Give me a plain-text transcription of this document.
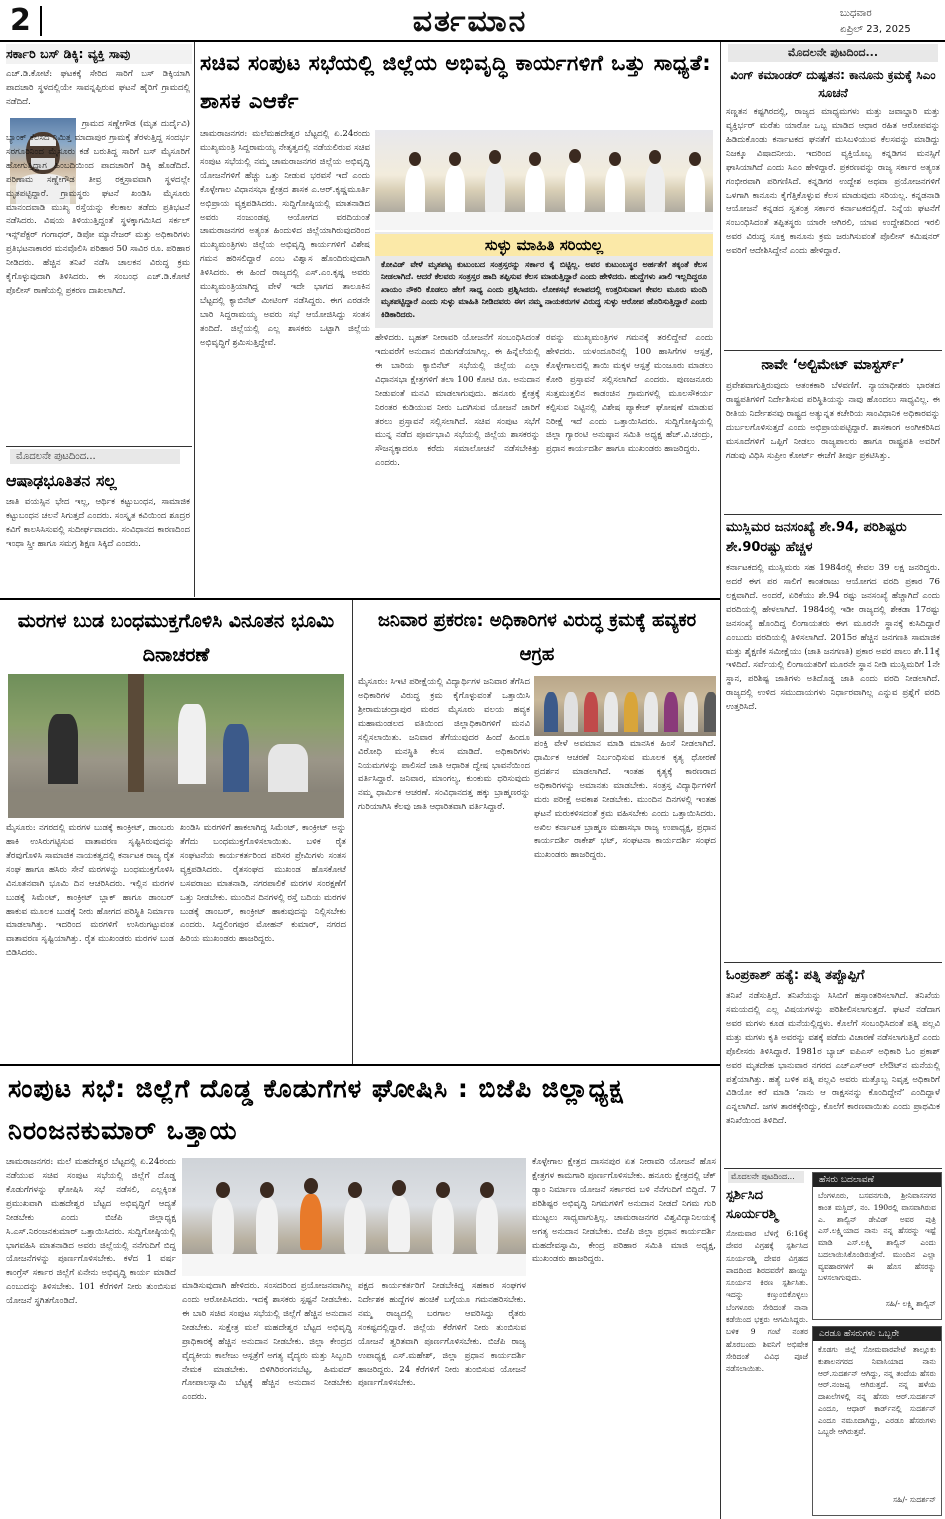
2	ವರ್ತಮಾನ	ಬುಧವಾರ
ಏಪ್ರಿಲ್ 23, 2025
ಸರ್ಕಾರಿ ಬಸ್ ಡಿಕ್ಕಿ: ವ್ಯಕ್ತಿ ಸಾವು
ಎಚ್.ಡಿ.ಕೋಟೆ: ಘಟಕಕ್ಕೆ ಸೇರಿದ ಸಾರಿಗೆ ಬಸ್ ಡಿಕ್ಕಿಯಾಗಿ ಪಾದಚಾರಿ ಸ್ಥಳದಲ್ಲಿಯೇ ಸಾವನ್ನಪ್ಪಿರುವ ಘಟನೆ ಹೈರಿಗೆ ಗ್ರಾಮದಲ್ಲಿ ನಡೆದಿದೆ.
ಗ್ರಾಮದ ಸಣ್ಣೇಗೌಡ (ಮೃತ ದುರ್ದೈವಿ) ಬ್ಯಾಂಕ್ ಕೆಲಸದ ನಿಮಿತ್ತ ಮಾದಾಪುರ ಗ್ರಾಮಕ್ಕೆ ತೆರಳುತ್ತಿದ್ದ ಸಂದರ್ಭ ಸರಗೂರಿನಿಂದ ಮೈಸೂರು ಕಡೆ ಬರುತಿದ್ದ ಸಾರಿಗೆ ಬಸ್ ಮೈಸೂರಿಗೆ ಹೋಗುತ್ತಿದ್ದಾಗ ಹಿಂಬದಿಯಿಂದ ಪಾದಚಾರಿಗೆ ಡಿಕ್ಕಿ ಹೊಡೆದಿದೆ. ಪರಿಣಾಮ ಸಣ್ಣೇಗೌಡ ತೀವ್ರ ರಕ್ತಸ್ರಾವವಾಗಿ ಸ್ಥಳದಲ್ಲೇ ಮೃತಪಟ್ಟಿದ್ದಾರೆ. ಗ್ರಾಮಸ್ಥರು ಘಟನೆ ಖಂಡಿಸಿ ಮೈಸೂರು ಮಾನಂದವಾಡಿ ಮುಖ್ಯ ರಸ್ತೆಯನ್ನು ಕೆಲಕಾಲ ತಡೆದು ಪ್ರತಿಭಟನೆ ನಡೆಸಿದರು. ವಿಷಯ ತಿಳಿಯುತ್ತಿದ್ದಂತೆ ಸ್ಥಳಕ್ಕಾಗಮಿಸಿದ ಸರ್ಕಲ್ ಇನ್ಸ್‌ಪೆಕ್ಟರ್ ಗಂಗಾಧರ್, ಡಿಪೋ ಮ್ಯಾನೇಜರ್ ಮತ್ತು ಅಧಿಕಾರಿಗಳು ಪ್ರತಿಭಟನಾಕಾರರ ಮನವೊಲಿಸಿ ಪರಿಹಾರ 50 ಸಾವಿರ ರೂ. ಪರಿಹಾರ ನೀಡಿದರು. ಹೆಚ್ಚಿನ ತನಿಖೆ ನಡೆಸಿ ಚಾಲಕನ ವಿರುದ್ಧ ಕ್ರಮ ಕೈಗೊಳ್ಳುವುದಾಗಿ ತಿಳಿಸಿದರು. ಈ ಸಂಬಂಧ ಎಚ್.ಡಿ.ಕೋಟೆ ಪೊಲೀಸ್ ಠಾಣೆಯಲ್ಲಿ ಪ್ರಕರಣ ದಾಖಲಾಗಿದೆ.
ಮೊದಲನೇ ಪುಟದಿಂದ...
ಆಷಾಢಭೂತಿತನ ಸಲ್ಲ
ಜಾತಿ ವಯಸ್ಸಿನ ಭೇದ ಇಲ್ಲ, ಆರ್ಥಿಕ ಕಟ್ಟುಬಂಧನ, ಸಾಮಾಜಿಕ ಕಟ್ಟುಬಂಧನ ಚಲನೆ ಸಿಗುತ್ತದೆ ಎಂದರು. ಸಂಸ್ಕೃತ ಕವಿಯಿಂದ ಶೂದ್ರರ ಕವಿಗೆ ಕಾಲಸಿಸಿಸುವಲ್ಲಿ ಸುದೀರ್ಘವಾದರು. ಸಂವಿಧಾನದ ಕಾರಣದಿಂದ ಇಂಥಾ ಸ್ತ್ರೀ ಹಾಗೂ ಸಮಗ್ರ ಶಿಕ್ಷಣ ಸಿಕ್ಕಿದೆ ಎಂದರು.
ಸಚಿವ ಸಂಪುಟ ಸಭೆಯಲ್ಲಿ ಜಿಲ್ಲೆಯ ಅಭಿವೃದ್ಧಿ ಕಾರ್ಯಗಳಿಗೆ ಒತ್ತು ಸಾಧ್ಯತೆ: ಶಾಸಕ ಎಆರ್ಕೆ
ಚಾಮರಾಜನಗರ: ಮಲೆಮಹದೇಶ್ವರ ಬೆಟ್ಟದಲ್ಲಿ ಏ.24ರಂದು ಮುಖ್ಯಮಂತ್ರಿ ಸಿದ್ದರಾಮಯ್ಯ ನೇತೃತ್ವದಲ್ಲಿ ನಡೆಯಲಿರುವ ಸಚಿವ ಸಂಪುಟ ಸಭೆಯಲ್ಲಿ ನಮ್ಮ ಚಾಮರಾಜನಗರ ಜಿಲ್ಲೆಯ ಅಭಿವೃದ್ಧಿ ಯೋಜನೆಗಳಿಗೆ ಹೆಚ್ಚು ಒತ್ತು ನೀಡುವ ಭರವಸೆ ಇದೆ ಎಂದು ಕೊಳ್ಳೇಗಾಲ ವಿಧಾನಸಭಾ ಕ್ಷೇತ್ರದ ಶಾಸಕ ಎ.ಆರ್.ಕೃಷ್ಣಮೂರ್ತಿ ಅಭಿಪ್ರಾಯ ವ್ಯಕ್ತಪಡಿಸಿದರು. ಸುದ್ದಿಗೋಷ್ಠಿಯಲ್ಲಿ ಮಾತನಾಡಿದ ಅವರು ನಂಜುಂಡಪ್ಪ ಆಯೋಗದ ವರದಿಯಂತೆ ಚಾಮರಾಜನಗರ ಅತ್ಯಂತ ಹಿಂದುಳಿದ ಜಿಲ್ಲೆಯಾಗಿರುವುದರಿಂದ ಮುಖ್ಯಮಂತ್ರಿಗಳು ಜಿಲ್ಲೆಯ ಅಭಿವೃದ್ಧಿ ಕಾರ್ಯಗಳಿಗೆ ವಿಶೇಷ ಗಮನ ಹರಿಸಲಿದ್ದಾರೆ ಎಂಬ ವಿಶ್ವಾಸ ಹೊಂದಿರುವುದಾಗಿ ತಿಳಿಸಿದರು. ಈ ಹಿಂದೆ ರಾಜ್ಯದಲ್ಲಿ ಎಸ್.ಎಂ.ಕೃಷ್ಣ ಅವರು ಮುಖ್ಯಮಂತ್ರಿಯಾಗಿದ್ದ ವೇಳೆ ಇದೇ ಭಾಗದ ತಾಲೂಕಿನ ಬೆಟ್ಟದಲ್ಲಿ ಕ್ಯಾಬಿನೆಟ್ ಮೀಟಿಂಗ್ ನಡೆಸಿದ್ದರು. ಈಗ ಎರಡನೇ ಬಾರಿ ಸಿದ್ದರಾಮಯ್ಯ ಅವರು ಸಭೆ ಆಯೋಜಿಸಿದ್ದು ಸಂತಸ ತಂದಿದೆ. ಜಿಲ್ಲೆಯಲ್ಲಿ ಎಲ್ಲ ಶಾಸಕರು ಒಟ್ಟಾಗಿ ಜಿಲ್ಲೆಯ ಅಭಿವೃದ್ಧಿಗೆ ಶ್ರಮಿಸುತ್ತಿದ್ದೇವೆ.
ಸುಳ್ಳು ಮಾಹಿತಿ ಸರಿಯಲ್ಲ
ಕೋವಿಡ್ ವೇಳೆ ಮೃತಪಟ್ಟ ಕುಟುಂಬದ ಸಂತ್ರಸ್ತರನ್ನು ಸರ್ಕಾರ ಕೈ ಬಿಟ್ಟಿಲ್ಲ. ಅವರ ಕುಟುಂಬಸ್ಥರ ಅರ್ಹತೆಗೆ ತಕ್ಕಂತೆ ಕೆಲಸ ನೀಡಲಾಗಿದೆ. ಆದರೆ ಕೆಲವರು ಸಂತ್ರಸ್ತರ ಹಾದಿ ತಪ್ಪಿಸುವ ಕೆಲಸ ಮಾಡುತ್ತಿದ್ದಾರೆ ಎಂದು ಹೇಳಿದರು. ಹುದ್ದೆಗಳು ಖಾಲಿ ಇಲ್ಲದಿದ್ದರೂ ಖಾಯಂ ನೌಕರಿ ಕೊಡಲು ಹೇಗೆ ಸಾಧ್ಯ ಎಂದು ಪ್ರಶ್ನಿಸಿದರು. ಲೋಕಸಭೆ ಕಲಾಪದಲ್ಲಿ ಉತ್ತರಿಸುವಾಗ ಕೇವಲ ಮೂರು ಮಂದಿ ಮೃತಪಟ್ಟಿದ್ದಾರೆ ಎಂದು ಸುಳ್ಳು ಮಾಹಿತಿ ನೀಡಿದವರು ಈಗ ನಮ್ಮ ನಾಯಕರುಗಳ ವಿರುದ್ಧ ಸುಳ್ಳು ಆರೋಪ ಹೊರಿಸುತ್ತಿದ್ದಾರೆ ಎಂದು ಕಿಡಿಕಾರಿದರು.
ಹೇಳಿದರು. ಬೃಹತ್ ನೀರಾವರಿ ಯೋಜನೆಗೆ ಸಂಬಂಧಿಸಿದಂತೆ ಇದುವರೆಗೆ ಅನುದಾನ ಬಿಡುಗಡೆಯಾಗಿಲ್ಲ. ಈ ಹಿನ್ನೆಲೆಯಲ್ಲಿ ಈ ಬಾರಿಯ ಕ್ಯಾಬಿನೆಟ್ ಸಭೆಯಲ್ಲಿ ಜಿಲ್ಲೆಯ ಎಲ್ಲಾ ವಿಧಾನಸಭಾ ಕ್ಷೇತ್ರಗಳಿಗೆ ತಲಾ 100 ಕೋಟಿ ರೂ. ಅನುದಾನ ನೀಡುವಂತೆ ಮನವಿ ಮಾಡಲಾಗುವುದು. ಹನೂರು ಕ್ಷೇತ್ರಕ್ಕೆ ನಿರಂತರ ಕುಡಿಯುವ ನೀರು ಒದಗಿಸುವ ಯೋಜನೆ ಜಾರಿಗೆ ತರಲು ಪ್ರಸ್ತಾವನೆ ಸಲ್ಲಿಸಲಾಗಿದೆ. ಸಚಿವ ಸಂಪುಟ ಸಭೆಗೆ ಮುನ್ನ ನಡೆದ ಪೂರ್ವಭಾವಿ ಸಭೆಯಲ್ಲಿ ಜಿಲ್ಲೆಯ ಶಾಸಕರನ್ನು ಸೌಜನ್ಯಕ್ಕಾದರೂ ಕರೆದು ಸಮಾಲೋಚನೆ ನಡೆಸಬೇಕಿತ್ತು ಎಂದರು.
ರವನ್ನು ಮುಖ್ಯಮಂತ್ರಿಗಳ ಗಮನಕ್ಕೆ ತರಲಿದ್ದೇವೆ ಎಂದು ಹೇಳಿದರು. ಯಳಂದೂರಿನಲ್ಲಿ 100 ಹಾಸಿಗೆಗಳ ಆಸ್ಪತ್ರೆ, ಕೊಳ್ಳೇಗಾಲದಲ್ಲಿ ತಾಯಿ ಮಕ್ಕಳ ಆಸ್ಪತ್ರೆ ಮಂಜೂರು ಮಾಡಲು ಕೋರಿ ಪ್ರಸ್ತಾವನೆ ಸಲ್ಲಿಸಲಾಗಿದೆ ಎಂದರು. ಪುಣಜನೂರು ಸುತ್ತಮುತ್ತಲಿನ ಕಾಡಂಚಿನ ಗ್ರಾಮಗಳಲ್ಲಿ ಮೂಲಸೌಕರ್ಯ ಕಲ್ಪಿಸುವ ನಿಟ್ಟಿನಲ್ಲಿ ವಿಶೇಷ ಪ್ಯಾಕೇಜ್ ಘೋಷಣೆ ಮಾಡುವ ನಿರೀಕ್ಷೆ ಇದೆ ಎಂದು ಒತ್ತಾಯಿಸಿದರು. ಸುದ್ದಿಗೋಷ್ಠಿಯಲ್ಲಿ ಜಿಲ್ಲಾ ಗ್ಯಾರಂಟಿ ಅನುಷ್ಠಾನ ಸಮಿತಿ ಅಧ್ಯಕ್ಷ ಹೆಚ್.ವಿ.ಚಂದ್ರು, ಪ್ರಧಾನ ಕಾರ್ಯದರ್ಶಿ ಹಾಗೂ ಮುಖಂಡರು ಹಾಜರಿದ್ದರು.
ಮೊದಲನೇ ಪುಟದಿಂದ...
ವಿಂಗ್ ಕಮಾಂಡರ್ ದುಷ್ಪತನ: ಕಾನೂನು ಕ್ರಮಕ್ಕೆ ಸಿಎಂ ಸೂಚನೆ
ಸಣ್ಣತನ ಕಷ್ಟಗಿರದಲ್ಲಿ, ರಾಜ್ಯದ ಮಾಧ್ಯಮಗಳು ಮತ್ತು ಜವಾಬ್ದಾರಿ ಮತ್ತು ವ್ಯಕ್ತಿರ್ಭರ್ ಮರೆತು ಯಾರೋ ಒಬ್ಬ ಮಾಡಿದ ಆಧಾರ ರಹಿತ ಆರೋಪವನ್ನು ಹಿಡಿದುಕೊಂಡು ಕರ್ನಾಟಕದ ಘನತೆಗೆ ಮಸಿಬಳಿಯುವ ಕೆಲಸವನ್ನು ಮಾಡಿದ್ದು ನಿಜಕ್ಕೂ ವಿಷಾದನೀಯ. ಇದರಿಂದ ವ್ಯಕ್ತಿಯೊಬ್ಬ ಕನ್ನಡಿಗನ ಮನಸ್ಸಿಗೆ ಘಾಸಿಯಾಗಿದೆ ಎಂದು ಸಿಎಂ ಹೇಳಿದ್ದಾರೆ. ಪ್ರಕರಣವನ್ನು ರಾಜ್ಯ ಸರ್ಕಾರ ಅತ್ಯಂತ ಗಂಭೀರವಾಗಿ ಪರಿಗಣಿಸಿದೆ. ಕನ್ನಡಿಗರ ಉದ್ದೇಶ ಅಥವಾ ಪ್ರಯೋಜನಗಳಿಗೆ ಒಳಗಾಗಿ ಕಾನೂನು ಕೈಗೆತ್ತಿಕೊಳ್ಳುವ ಕೆಲಸ ಮಾಡುವುದು ಸರಿಯಲ್ಲ. ಕನ್ನಡನಾಡಿ ಆಯೋಜನೆ ಕನ್ನಡದ ಸ್ವತಂತ್ರ ಸರ್ಕಾರ ಕರ್ನಾಟಕದಲ್ಲಿದೆ. ನಿನ್ನೆಯ ಘಟನೆಗೆ ಸಂಬಂಧಿಸಿದಂತೆ ತಪ್ಪಿತಸ್ಥರು ಯಾರೇ ಆಗಿರಲಿ, ಯಾವ ಉದ್ದೇಶದಿಂದ ಇರಲಿ ಅವರ ವಿರುದ್ಧ ಸೂಕ್ತ ಕಾನೂನು ಕ್ರಮ ಜರುಗಿಸುವಂತೆ ಪೊಲೀಸ್ ಕಮಿಷನರ್ ಅವರಿಗೆ ಆದೇಶಿಸಿದ್ದೇನೆ ಎಂದು ಹೇಳಿದ್ದಾರೆ.
ನಾವೇ ‘ಅಲ್ಟಿಮೇಟ್ ಮಾಸ್ಟರ್ಸ್’
ಪ್ರವೇಶವಾಗುತ್ತಿರುವುದು ಆತಂಕಕಾರಿ ಬೆಳವಣಿಗೆ. ನ್ಯಾಯಾಧೀಶರು ಭಾರತದ ರಾಷ್ಟ್ರಪತಿಗಳಿಗೆ ನಿರ್ದೇಶಿಸುವ ಪರಿಸ್ಥಿತಿಯನ್ನು ನಾವು ಹೊಂದಲು ಸಾಧ್ಯವಿಲ್ಲ. ಈ ರೀತಿಯ ನಿರ್ದೇಶನವು ರಾಷ್ಟ್ರದ ಅತ್ಯುನ್ನತ ಕಚೇರಿಯ ಸಾಂವಿಧಾನಿಕ ಅಧಿಕಾರವನ್ನು ದುರ್ಬಲಗೊಳಿಸುತ್ತದೆ ಎಂದು ಅಭಿಪ್ರಾಯಪಟ್ಟಿದ್ದಾರೆ. ಶಾಸಕಾಂಗ ಅಂಗೀಕರಿಸಿದ ಮಸೂದೆಗಳಿಗೆ ಒಪ್ಪಿಗೆ ನೀಡಲು ರಾಜ್ಯಪಾಲರು ಹಾಗೂ ರಾಷ್ಟ್ರಪತಿ ಅವರಿಗೆ ಗಡುವು ವಿಧಿಸಿ ಸುಪ್ರೀಂ ಕೋರ್ಟ್ ಈಚೆಗೆ ತೀರ್ಪು ಪ್ರಕಟಿಸಿತ್ತು.
ಮುಸ್ಲಿಮರ ಜನಸಂಖ್ಯೆ ಶೇ.94, ಪರಿಶಿಷ್ಟರು ಶೇ.90ರಷ್ಟು ಹೆಚ್ಚಳ
ಕರ್ನಾಟಕದಲ್ಲಿ ಮುಸ್ಲಿಮರು ಸಹ 1984ರಲ್ಲಿ ಕೇವಲ 39 ಲಕ್ಷ ಜನರಿದ್ದರು. ಅದರೆ ಈಗ ಪರ ಸಾಲಿಗೆ ಕಾಂತರಾಜು ಆಯೋಗದ ವರದಿ ಪ್ರಕಾರ 76 ಲಕ್ಷವಾಗಿದೆ. ಅಂದರೆ, ಏರಿಕೆಯು ಶೇ.94 ರಷ್ಟು ಜನಸಂಖ್ಯೆ ಹೆಚ್ಚಾಗಿದೆ ಎಂದು ವರದಿಯಲ್ಲಿ ಹೇಳಲಾಗಿದೆ. 1984ರಲ್ಲಿ ಇಡೀ ರಾಜ್ಯದಲ್ಲಿ ಶೇಕಡಾ 17ರಷ್ಟು ಜನಸಂಖ್ಯೆ ಹೊಂದಿದ್ದ ಲಿಂಗಾಯತರು ಈಗ ಮೂರನೇ ಸ್ಥಾನಕ್ಕೆ ಕುಸಿದಿದ್ದಾರೆ ಎಂಬುದು ವರದಿಯಲ್ಲಿ ತಿಳಿಸಲಾಗಿದೆ. 2015ರ ಹೆಚ್ಚಿನ ಜನಗಣತಿ ಸಾಮಾಜಿಕ ಮತ್ತು ಶೈಕ್ಷಣಿಕ ಸಮೀಕ್ಷೆಯು (ಜಾತಿ ಜನಗಣತಿ) ಪ್ರಕಾರ ಅವರ ಪಾಲು ಶೇ.11ಕ್ಕೆ ಇಳಿದಿದೆ. ಸರ್ವೆಯಲ್ಲಿ ಲಿಂಗಾಯತರಿಗೆ ಮೂರನೇ ಸ್ಥಾನ ನೀಡಿ ಮುಸ್ಲಿಮರಿಗೆ 1ನೇ ಸ್ಥಾನ, ಪರಿಶಿಷ್ಟ ಜಾತಿಗಳು ಅತಿದೊಡ್ಡ ಜಾತಿ ಎಂದು ವರದಿ ನೀಡಲಾಗಿದೆ. ರಾಜ್ಯದಲ್ಲಿ ಉಳಿದ ಸಮುದಾಯಗಳು ನಿರ್ಧಾರವಾಗಿಲ್ಲ ಎನ್ನುವ ಪ್ರಶ್ನೆಗೆ ವರದಿ ಉತ್ತರಿಸಿದೆ.
ಓಂಪ್ರಕಾಶ್ ಹತ್ಯೆ: ಪತ್ನಿ ತಪ್ಪೊಪ್ಪಿಗೆ
ತನಿಖೆ ನಡೆಸುತ್ತಿದೆ. ತನಿಖೆಯನ್ನು ಸಿಸಿಬಿಗೆ ಹಸ್ತಾಂತರಿಸಲಾಗಿದೆ. ತನಿಖೆಯ ಸಮಯದಲ್ಲಿ ಎಲ್ಲ ವಿಷಯಗಳನ್ನು ಪರಿಶೀಲಿಸಲಾಗುತ್ತದೆ. ಘಟನೆ ನಡೆದಾಗ ಅವರ ಮಗಳು ಕೂಡ ಮನೆಯಲ್ಲಿದ್ದಳು. ಕೊಲೆಗೆ ಸಂಬಂಧಿಸಿದಂತೆ ಪತ್ನಿ ಪಲ್ಲವಿ ಮತ್ತು ಮಗಳು ಕೃತಿ ಅವರನ್ನು ವಶಕ್ಕೆ ಪಡೆದು ವಿಚಾರಣೆ ನಡೆಸಲಾಗುತ್ತಿದೆ ಎಂದು ಪೊಲೀಸರು ತಿಳಿಸಿದ್ದಾರೆ. 1981ರ ಬ್ಯಾಚ್ ಐಪಿಎಸ್ ಅಧಿಕಾರಿ ಓಂ ಪ್ರಕಾಶ್ ಅವರ ಮೃತದೇಹ ಭಾನುವಾರ ನಗರದ ಎಚ್‌ಎಸ್‌ಆರ್ ಲೇಔಟ್‌ನ ಮನೆಯಲ್ಲಿ ಪತ್ತೆಯಾಗಿತ್ತು. ಹತ್ಯೆ ಬಳಿಕ ಪತ್ನಿ ಪಲ್ಲವಿ ಅವರು ಮತ್ತೊಬ್ಬ ನಿವೃತ್ತ ಅಧಿಕಾರಿಗೆ ವಿಡಿಯೋ ಕರೆ ಮಾಡಿ ‘ನಾನು ಆ ರಾಕ್ಷಸನನ್ನು ಕೊಂದಿದ್ದೇನೆ’ ಎಂದಿದ್ದಾಳೆ ಎನ್ನಲಾಗಿದೆ. ಜಗಳ ತಾರಕಕ್ಕೇರಿದ್ದು, ಕೊಲೆಗೆ ಕಾರಣವಾಯಿತು ಎಂದು ಪ್ರಾಥಮಿಕ ತನಿಖೆಯಿಂದ ತಿಳಿದಿದೆ.
ಮೊದಲನೇ ಪುಟದಿಂದ...
ಸ್ಪರ್ಶಿಸಿದ ಸೂರ್ಯರಶ್ಮಿ
ಸೋಮವಾರ ಬೆಳಿಗ್ಗೆ 6:16ಕ್ಕೆ ದೇವರ ವಿಗ್ರಹಕ್ಕೆ ಸ್ಪರ್ಶಿಸಿದ ಸೂರ್ಯರಶ್ಮಿ ದೇವರ ವಿಗ್ರಹದ ಪಾದದಿಂದ ಶಿರದವರೆಗೆ ಹಾಯ್ದು ಸೂರ್ಯನ ಕಿರಣ ಸ್ಪರ್ಶಿಸಿತು. ಇದನ್ನು ಕಣ್ತುಂಬಿಕೊಳ್ಳಲು ಬೆಂಗಳೂರು ಸೇರಿದಂತೆ ನಾನಾ ಕಡೆಯಿಂದ ಭಕ್ತರು ಆಗಮಿಸಿದ್ದರು. ಬಳಿಕ 9 ಗಂಟೆ ನಂತರ ಹೊರಬಂದು ಶಿವನಿಗೆ ಅಭಿಷೇಕ ಸೇರಿದಂತೆ ವಿವಿಧ ಪೂಜೆ ನಡೆಸಲಾಯಿತು.
ಹೆಸರು ಬದಲಾವಣೆ
ಬೆಂಗಳೂರು, ಬಸವನಗುಡಿ, ಶ್ರೀನಿವಾಸನಗರ ಕಾಂತ ಮಸ್ಜಿದ್, ನಂ. 190ರಲ್ಲಿ ವಾಸವಾಗಿರುವ ಎ. ಶಾಲ್ವಿನ್ ಡೇವಿಡ್ ಅವರ ಪುತ್ರಿ ಎಸ್.ಲಕ್ಷ್ಮಿಯಾದ ನಾನು ನನ್ನ ಹೆಸರನ್ನು ಇಷ್ಟೆ ಮಾಡಿ ಎಸ್.ಲಕ್ಷ್ಮಿ ಶಾಲ್ವಿನ್ ಎಂದು ಬದಲಾಯಿಸಿಕೊಂಡಿರುತ್ತೇನೆ. ಮುಂದಿನ ಎಲ್ಲಾ ವ್ಯವಹಾರಗಳಿಗೆ ಈ ಹೊಸ ಹೆಸರನ್ನು ಬಳಸಲಾಗುವುದು.
ಸಹಿ/- ಲಕ್ಷ್ಮಿ ಶಾಲ್ವಿನ್
ಎರಡೂ ಹೆಸರುಗಳು ಒಬ್ಬರೇ
ಕೊಡಗು ಜಿಲ್ಲೆ ಸೋಮವಾರಪೇಟೆ ತಾಲ್ಲೂಕು ಕುಶಾಲನಗರದ ನಿವಾಸಿಯಾದ ನಾನು ಆರ್.ಸುದರ್ಶನ್ ಆಗಿದ್ದು, ನನ್ನ ತಂದೆಯ ಹೆಸರು ಆರ್.ನಂಜಪ್ಪ ಆಗಿರುತ್ತದೆ. ನನ್ನ ಹಳೆಯ ದಾಖಲೆಗಳಲ್ಲಿ ನನ್ನ ಹೆಸರು ಆರ್.ಸುದರ್ಶನ್ ಎಂದೂ, ಆಧಾರ್ ಕಾರ್ಡ್‌ನಲ್ಲಿ ಸುದರ್ಶನ್ ಎಂದೂ ನಮೂದಾಗಿದ್ದು, ಎರಡೂ ಹೆಸರುಗಳು ಒಬ್ಬರೇ ಆಗಿರುತ್ತವೆ.
ಸಹಿ/- ಸುದರ್ಶನ್
ಮರಗಳ ಬುಡ ಬಂಧಮುಕ್ತಗೊಳಿಸಿ ವಿನೂತನ ಭೂಮಿ ದಿನಾಚರಣೆ
ಮೈಸೂರು: ನಗರದಲ್ಲಿ ಮರಗಳ ಬುಡಕ್ಕೆ ಕಾಂಕ್ರೀಟ್, ಡಾಂಬರು ಹಾಕಿ ಉಸಿರುಗಟ್ಟಿಸುವ ವಾತಾವರಣ ಸೃಷ್ಟಿಸಿರುವುದನ್ನು ತೆರವುಗೊಳಿಸಿ ಸಾಮಾಜಿಕ ನಾಯಕತ್ವದಲ್ಲಿ ಕರ್ನಾಟಕ ರಾಜ್ಯ ರೈತ ಸಂಘ ಹಾಗೂ ಹಸಿರು ಸೇನೆ ಮರಗಳನ್ನು ಬಂಧಮುಕ್ತಗೊಳಿಸಿ ವಿನೂತನವಾಗಿ ಭೂಮಿ ದಿನ ಆಚರಿಸಿದರು. ಇಲ್ಲಿನ ಮರಗಳ ಬುಡಕ್ಕೆ ಸಿಮೆಂಟ್, ಕಾಂಕ್ರೀಟ್ ಬ್ಲಾಕ್ ಹಾಗೂ ಡಾಂಬರ್ ಹಾಕುವ ಮೂಲಕ ಬುಡಕ್ಕೆ ನೀರು ಹೋಗದ ಪರಿಸ್ಥಿತಿ ನಿರ್ಮಾಣ ಮಾಡಲಾಗಿತ್ತು. ಇದರಿಂದ ಮರಗಳಿಗೆ ಉಸಿರುಗಟ್ಟುವಂತ ವಾತಾವರಣ ಸೃಷ್ಟಿಯಾಗಿತ್ತು. ರೈತ ಮುಖಂಡರು ಮರಗಳ ಬುಡ ಬಿಡಿಸಿದರು.
ಖಂಡಿಸಿ ಮರಗಳಿಗೆ ಹಾಕಲಾಗಿದ್ದ ಸಿಮೆಂಟ್, ಕಾಂಕ್ರೀಟ್ ಅನ್ನು ತೆಗೆದು ಬಂಧಮುಕ್ತಗೊಳಿಸಲಾಯಿತು. ಬಳಿಕ ರೈತ ಸಂಘಟನೆಯ ಕಾರ್ಯಕರ್ತರಿಂದ ಪರಿಸರ ಪ್ರೇಮಿಗಳು ಸಂತಸ ವ್ಯಕ್ತಪಡಿಸಿದರು. ರೈತಸಂಘದ ಮುಖಂಡ ಹೊಸಕೋಟೆ ಬಸವರಾಜು ಮಾತನಾಡಿ, ನಗರಪಾಲಿಕೆ ಮರಗಳ ಸಂರಕ್ಷಣೆಗೆ ಒತ್ತು ನೀಡಬೇಕು. ಮುಂದಿನ ದಿನಗಳಲ್ಲಿ ರಸ್ತೆ ಬದಿಯ ಮರಗಳ ಬುಡಕ್ಕೆ ಡಾಂಬರ್, ಕಾಂಕ್ರೀಟ್ ಹಾಕುವುದನ್ನು ನಿಲ್ಲಿಸಬೇಕು ಎಂದರು. ಸಿದ್ದಲಿಂಗಪುರ ಮೋಹನ್ ಕುಮಾರ್, ನಗರದ ಹಿರಿಯ ಮುಖಂಡರು ಹಾಜರಿದ್ದರು.
ಜನಿವಾರ ಪ್ರಕರಣ: ಅಧಿಕಾರಿಗಳ ವಿರುದ್ಧ ಕ್ರಮಕ್ಕೆ ಹವ್ಯಕರ ಆಗ್ರಹ
ಮೈಸೂರು: ಸಿಇಟಿ ಪರೀಕ್ಷೆಯಲ್ಲಿ ವಿದ್ಯಾರ್ಥಿಗಳ ಜನಿವಾರ ತೆಗೆಸಿದ ಅಧಿಕಾರಿಗಳ ವಿರುದ್ಧ ಕ್ರಮ ಕೈಗೊಳ್ಳುವಂತೆ ಒತ್ತಾಯಿಸಿ ಶ್ರೀರಾಮಚಂದ್ರಾಪುರ ಮಠದ ಮೈಸೂರು ವಲಯ ಹವ್ಯಕ ಮಹಾಮಂಡಲದ ವತಿಯಿಂದ ಜಿಲ್ಲಾಧಿಕಾರಿಗಳಿಗೆ ಮನವಿ ಸಲ್ಲಿಸಲಾಯಿತು. ಜನಿವಾರ ತೆಗೆಯುವುದರ ಹಿಂದೆ ಹಿಂದೂ ವಿರೋಧಿ ಮನಸ್ಥಿತಿ ಕೆಲಸ ಮಾಡಿದೆ. ಅಧಿಕಾರಿಗಳು ನಿಯಮಗಳನ್ನು ಪಾಲಿಸದೆ ಜಾತಿ ಆಧಾರಿತ ದ್ವೇಷ ಭಾವನೆಯಿಂದ ವರ್ತಿಸಿದ್ದಾರೆ. ಜನಿವಾರ, ಮಾಂಗಲ್ಯ, ಕುಂಕುಮ ಧರಿಸುವುದು ನಮ್ಮ ಧಾರ್ಮಿಕ ಆಚರಣೆ. ಸಂವಿಧಾನದತ್ತ ಹಕ್ಕು ಬ್ರಾಹ್ಮಣರನ್ನು ಗುರಿಯಾಗಿಸಿ ಕೆಲವು ಜಾತಿ ಆಧಾರಿತವಾಗಿ ವರ್ತಿಸಿದ್ದಾರೆ.
ಪಂಕ್ತಿ ವೇಳೆ ಅವಮಾನ ಮಾಡಿ ಮಾನಸಿಕ ಹಿಂಸೆ ನೀಡಲಾಗಿದೆ. ಧಾರ್ಮಿಕ ಆಚರಣೆ ನಿರ್ಬಂಧಿಸುವ ಮೂಲಕ ಕೃತ್ಯ ಧೋರಣೆ ಪ್ರದರ್ಶನ ಮಾಡಲಾಗಿದೆ. ಇಂತಹ ಕೃತ್ಯಕ್ಕೆ ಕಾರಣರಾದ ಅಧಿಕಾರಿಗಳನ್ನು ಅಮಾನತು ಮಾಡಬೇಕು. ಸಂತ್ರಸ್ತ ವಿದ್ಯಾರ್ಥಿಗಳಿಗೆ ಮರು ಪರೀಕ್ಷೆ ಅವಕಾಶ ನೀಡಬೇಕು. ಮುಂದಿನ ದಿನಗಳಲ್ಲಿ ಇಂತಹ ಘಟನೆ ಮರುಕಳಿಸದಂತೆ ಕ್ರಮ ವಹಿಸಬೇಕು ಎಂದು ಒತ್ತಾಯಿಸಿದರು. ಅಖಿಲ ಕರ್ನಾಟಕ ಬ್ರಾಹ್ಮಣ ಮಹಾಸಭಾ ರಾಜ್ಯ ಉಪಾಧ್ಯಕ್ಷ, ಪ್ರಧಾನ ಕಾರ್ಯದರ್ಶಿ ರಾಕೇಶ್ ಭಟ್, ಸಂಘಟನಾ ಕಾರ್ಯದರ್ಶಿ ಸಂಘದ ಮುಖಂಡರು ಹಾಜರಿದ್ದರು.
ಸಂಪುಟ ಸಭೆ: ಜಿಲ್ಲೆಗೆ ದೊಡ್ಡ ಕೊಡುಗೆಗಳ ಘೋಷಿಸಿ : ಬಿಜೆಪಿ ಜಿಲ್ಲಾಧ್ಯಕ್ಷ ನಿರಂಜನಕುಮಾರ್ ಒತ್ತಾಯ
ಚಾಮರಾಜನಗರ: ಮಲೆ ಮಹದೇಶ್ವರ ಬೆಟ್ಟದಲ್ಲಿ ಏ.24ರಂದು ನಡೆಯುವ ಸಚಿವ ಸಂಪುಟ ಸಭೆಯಲ್ಲಿ ಜಿಲ್ಲೆಗೆ ದೊಡ್ಡ ಕೊಡುಗೆಗಳನ್ನು ಘೋಷಿಸಿ ಸಭೆ ನಡೆಸಲಿ, ಎಲ್ಲಕ್ಕಿಂತ ಪ್ರಮುಖವಾಗಿ ಮಹದೇಶ್ವರ ಬೆಟ್ಟದ ಅಭಿವೃದ್ಧಿಗೆ ಆದ್ಯತೆ ನೀಡಬೇಕು ಎಂದು ಬಿಜೆಪಿ ಜಿಲ್ಲಾಧ್ಯಕ್ಷ ಸಿ.ಎಸ್.ನಿರಂಜನಕುಮಾರ್ ಒತ್ತಾಯಿಸಿದರು. ಸುದ್ದಿಗೋಷ್ಠಿಯಲ್ಲಿ ಭಾಗವಹಿಸಿ ಮಾತನಾಡಿದ ಅವರು ಜಿಲ್ಲೆಯಲ್ಲಿ ನನೆಗುದಿಗೆ ಬಿದ್ದ ಯೋಜನೆಗಳನ್ನು ಪೂರ್ಣಗೊಳಿಸಬೇಕು. ಕಳೆದ 1 ವರ್ಷ ಕಾಂಗ್ರೆಸ್ ಸರ್ಕಾರ ಜಿಲ್ಲೆಗೆ ಏನೇನು ಅಭಿವೃದ್ಧಿ ಕಾರ್ಯ ಮಾಡಿದೆ ಎಂಬುದನ್ನು ತಿಳಿಸಬೇಕು. 101 ಕೆರೆಗಳಿಗೆ ನೀರು ತುಂಬಿಸುವ ಯೋಜನೆ ಸ್ಥಗಿತಗೊಂಡಿದೆ.
ಮಾಡಿಸುವುದಾಗಿ ಹೇಳಿದರು. ಸಂಸದರಿಂದ ಪ್ರಯೋಜನವಾಗಿಲ್ಲ ಎಂದು ಆರೋಪಿಸಿದರು. ಇದಕ್ಕೆ ಶಾಸಕರು ಸ್ಪಷ್ಟನೆ ನೀಡಬೇಕು. ಈ ಬಾರಿ ಸಚಿವ ಸಂಪುಟ ಸಭೆಯಲ್ಲಿ ಜಿಲ್ಲೆಗೆ ಹೆಚ್ಚಿನ ಅನುದಾನ ನೀಡಬೇಕು. ಸುಕ್ಷೇತ್ರ ಮಲೆ ಮಹದೇಶ್ವರ ಬೆಟ್ಟದ ಅಭಿವೃದ್ಧಿ ಪ್ರಾಧಿಕಾರಕ್ಕೆ ಹೆಚ್ಚಿನ ಅನುದಾನ ನೀಡಬೇಕು. ಜಿಲ್ಲಾ ಕೇಂದ್ರದ ವೈದ್ಯಕೀಯ ಕಾಲೇಜು ಆಸ್ಪತ್ರೆಗೆ ಅಗತ್ಯ ವೈದ್ಯರು ಮತ್ತು ಸಿಬ್ಬಂದಿ ನೇಮಕ ಮಾಡಬೇಕು. ಬಿಳಿಗಿರಿರಂಗನಬೆಟ್ಟ, ಹಿಮವದ್ ಗೋಪಾಲಸ್ವಾಮಿ ಬೆಟ್ಟಕ್ಕೆ ಹೆಚ್ಚಿನ ಅನುದಾನ ನೀಡಬೇಕು ಎಂದರು.
ಪಕ್ಷದ ಕಾರ್ಯಕರ್ತರಿಗೆ ನೀಡಬೇಕಿದ್ದ ಸಹಕಾರ ಸಂಘಗಳ ನಿರ್ದೇಶಕ ಹುದ್ದೆಗಳ ಹಂಚಿಕೆ ಬಗ್ಗೆಯೂ ಗಮನಹರಿಸಬೇಕು. ನಮ್ಮ ರಾಜ್ಯದಲ್ಲಿ ಬರಗಾಲ ಆವರಿಸಿದ್ದು ರೈತರು ಸಂಕಷ್ಟದಲ್ಲಿದ್ದಾರೆ. ಜಿಲ್ಲೆಯ ಕೆರೆಗಳಿಗೆ ನೀರು ತುಂಬಿಸುವ ಯೋಜನೆ ತ್ವರಿತವಾಗಿ ಪೂರ್ಣಗೊಳಿಸಬೇಕು. ಬಿಜೆಪಿ ರಾಜ್ಯ ಉಪಾಧ್ಯಕ್ಷ ಎಸ್.ಮಹೇಶ್, ಜಿಲ್ಲಾ ಪ್ರಧಾನ ಕಾರ್ಯದರ್ಶಿ ಹಾಜರಿದ್ದರು. 24 ಕೆರೆಗಳಿಗೆ ನೀರು ತುಂಬಿಸುವ ಯೋಜನೆ ಪೂರ್ಣಗೊಳಿಸಬೇಕು.
ಕೊಳ್ಳೇಗಾಲ ಕ್ಷೇತ್ರದ ದಾಸನಪುರ ಏತ ನೀರಾವರಿ ಯೋಜನೆ ಹೊಸ ಕ್ಷೇತ್ರಗಳ ಕಾಮಗಾರಿ ಪೂರ್ಣಗೊಳಿಸಬೇಕು. ಹನೂರು ಕ್ಷೇತ್ರದಲ್ಲಿ ಚೆಕ್ ಡ್ಯಾಂ ನಿರ್ಮಾಣ ಯೋಜನೆ ಸರ್ಕಾರದ ಬಳಿ ನೆನೆಗುದಿಗೆ ಬಿದ್ದಿದೆ. 7 ಪರಿಶಿಷ್ಟರ ಅಭಿವೃದ್ಧಿ ನಿಗಮಗಳಿಗೆ ಅನುದಾನ ನೀಡದೆ ನಿಗಮ ಗುರಿ ಮುಟ್ಟಲು ಸಾಧ್ಯವಾಗುತ್ತಿಲ್ಲ. ಚಾಮರಾಜನಗರ ವಿಶ್ವವಿದ್ಯಾನಿಲಯಕ್ಕೆ ಅಗತ್ಯ ಅನುದಾನ ನೀಡಬೇಕು. ಬಿಜೆಪಿ ಜಿಲ್ಲಾ ಪ್ರಧಾನ ಕಾರ್ಯದರ್ಶಿ ಮಹದೇವಸ್ವಾಮಿ, ಕೇಂದ್ರ ಪರಿಹಾರ ಸಮಿತಿ ಮಾಜಿ ಅಧ್ಯಕ್ಷ, ಮುಖಂಡರು ಹಾಜರಿದ್ದರು.
